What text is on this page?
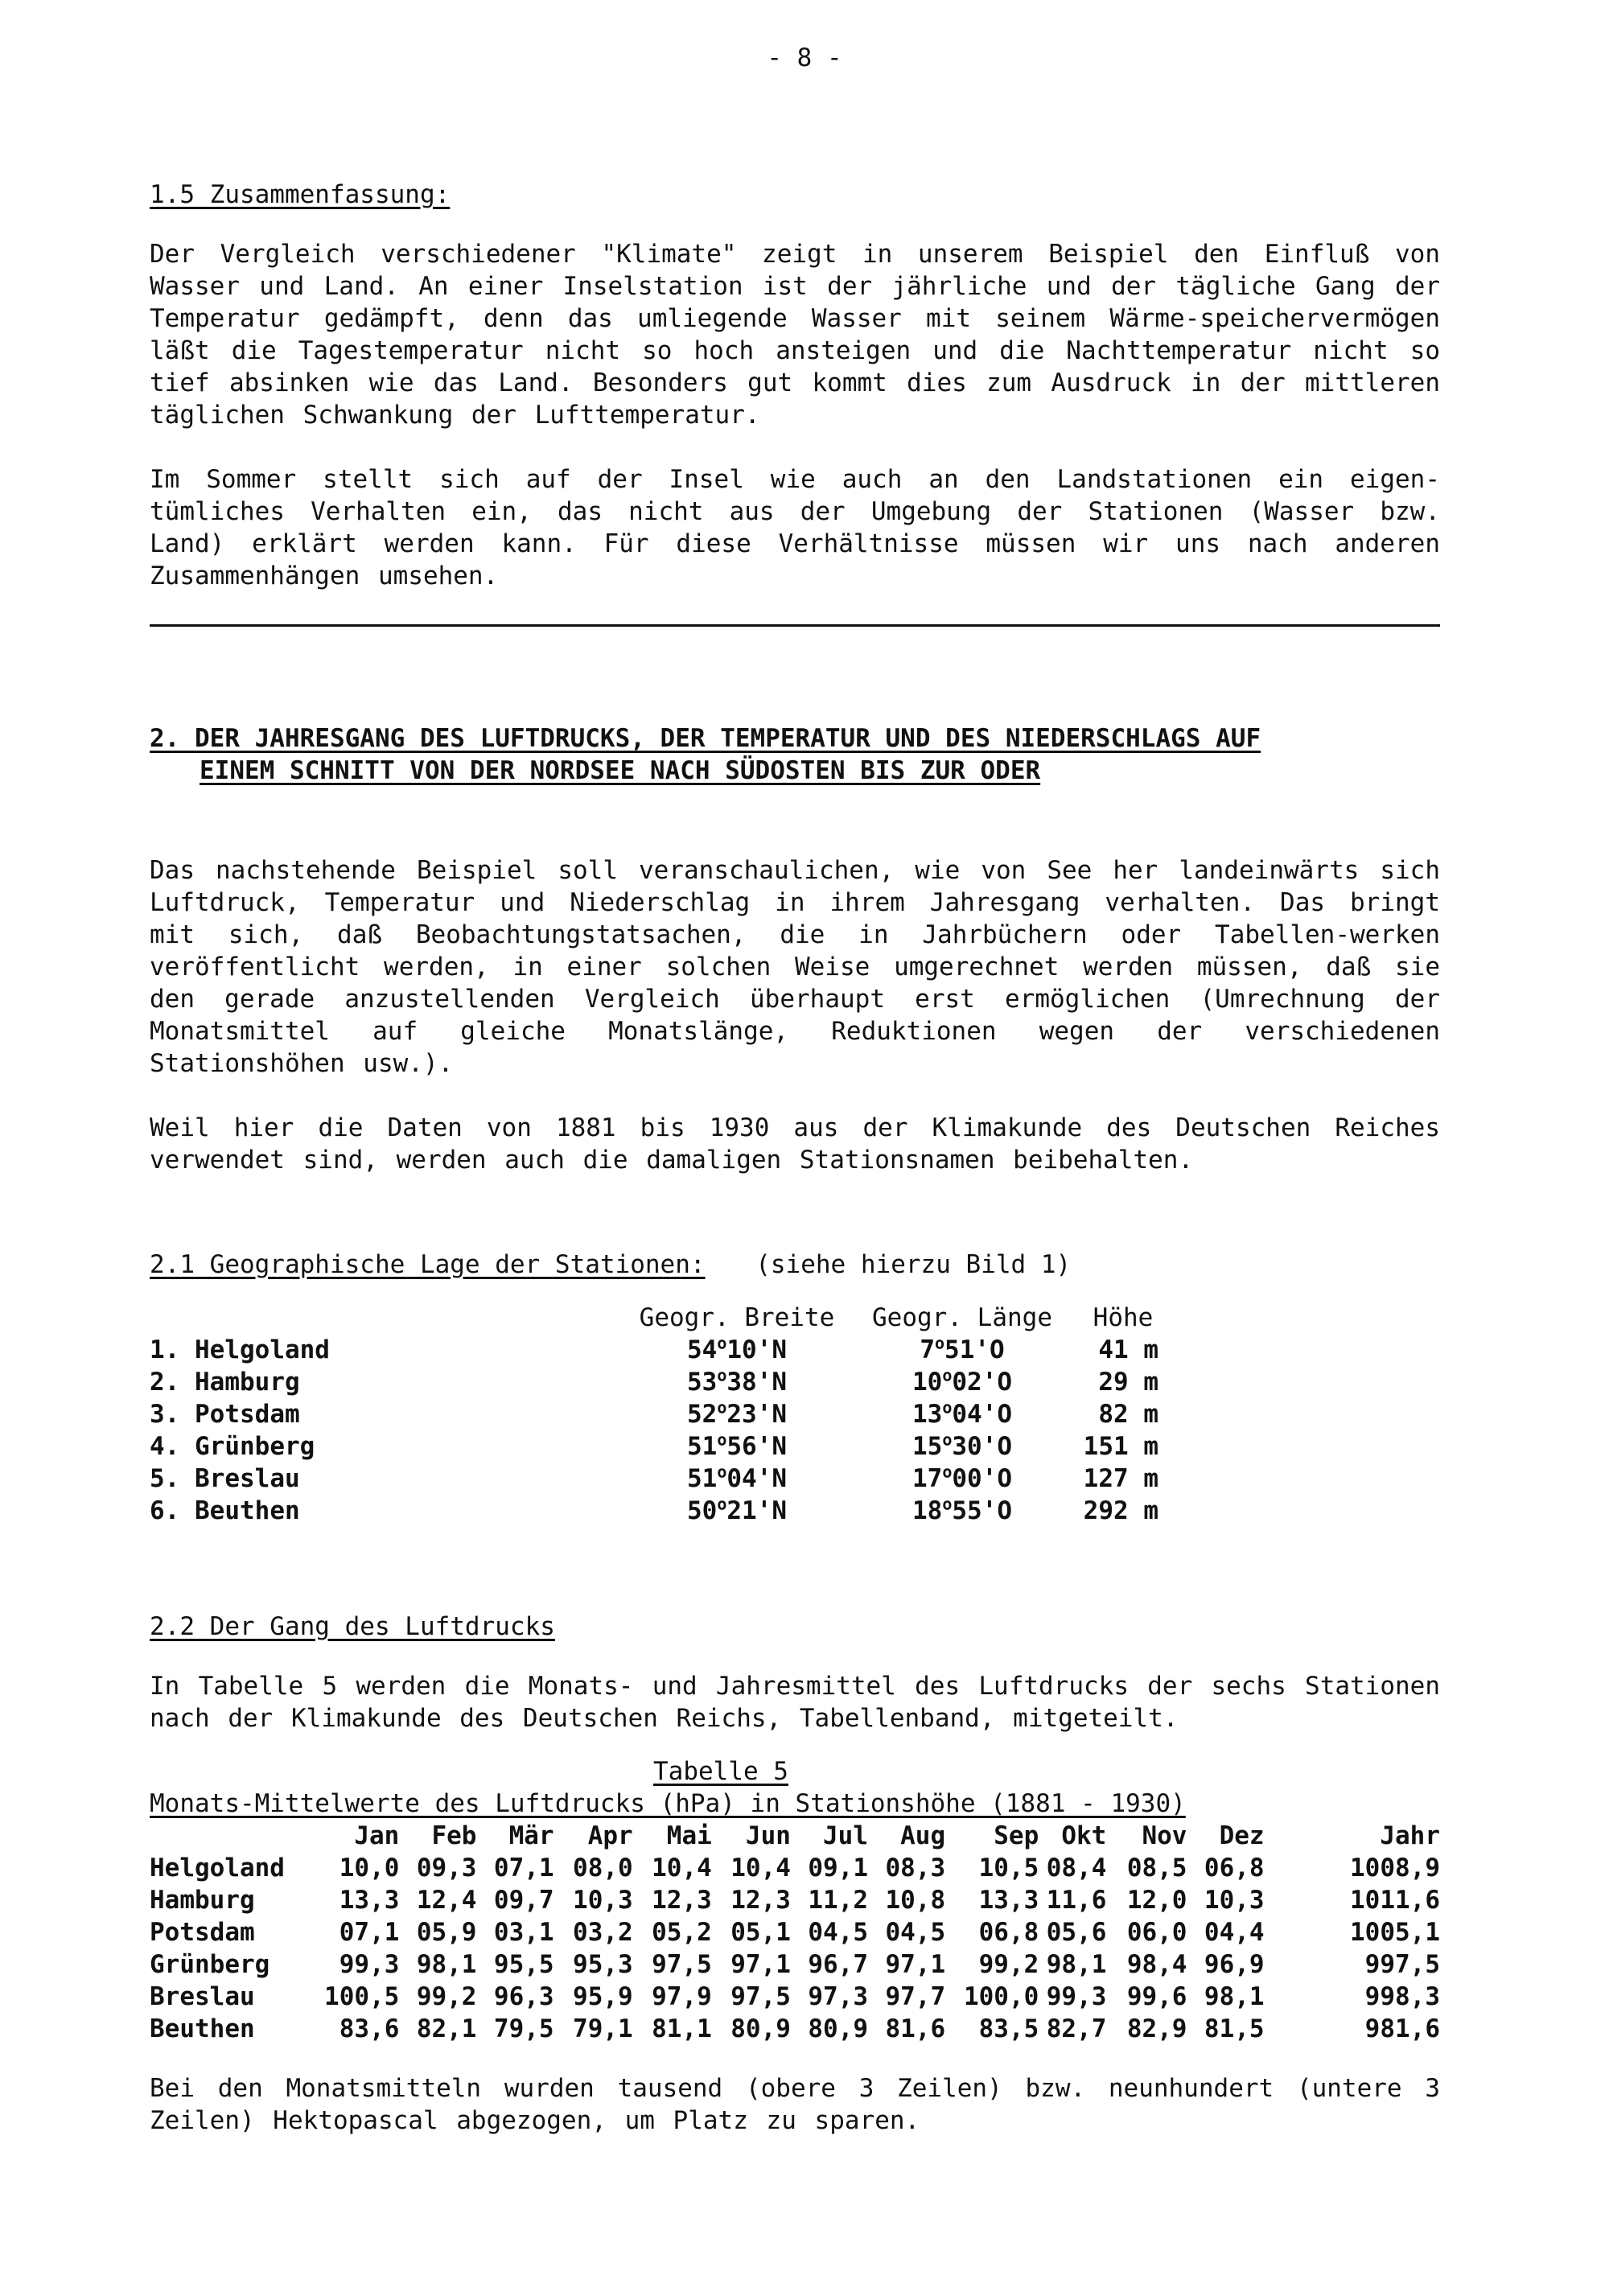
- 8 -

1.5 Zusammenfassung:

Der Vergleich verschiedener "Klimate" zeigt in unserem Beispiel den Einfluß von Wasser und Land. An einer Inselstation ist der jährliche und der tägliche Gang der Temperatur gedämpft, denn das umliegende Wasser mit seinem Wärme-speichervermögen läßt die Tagestemperatur nicht so hoch ansteigen und die Nachttemperatur nicht so tief absinken wie das Land. Besonders gut kommt dies zum Ausdruck in der mittleren täglichen Schwankung der Lufttemperatur.

Im Sommer stellt sich auf der Insel wie auch an den Landstationen ein eigen-tümliches Verhalten ein, das nicht aus der Umgebung der Stationen (Wasser bzw. Land) erklärt werden kann. Für diese Verhältnisse müssen wir uns nach anderen Zusammenhängen umsehen.

2. DER JAHRESGANG DES LUFTDRUCKS, DER TEMPERATUR UND DES NIEDERSCHLAGS AUF

EINEM SCHNITT VON DER NORDSEE NACH SÜDOSTEN BIS ZUR ODER

Das nachstehende Beispiel soll veranschaulichen, wie von See her landeinwärts sich Luftdruck, Temperatur und Niederschlag in ihrem Jahresgang verhalten. Das bringt mit sich, daß Beobachtungstatsachen, die in Jahrbüchern oder Tabellen-werken veröffentlicht werden, in einer solchen Weise umgerechnet werden müssen, daß sie den gerade anzustellenden Vergleich überhaupt erst ermöglichen (Umrechnung der Monatsmittel auf gleiche Monatslänge, Reduktionen wegen der verschiedenen Stationshöhen usw.).

Weil hier die Daten von 1881 bis 1930 aus der Klimakunde des Deutschen Reiches verwendet sind, werden auch die damaligen Stationsnamen beibehalten.

2.1 Geographische Lage der Stationen: (siehe hierzu Bild 1)
	Geogr. Breite	Geogr. Länge	Höhe
1. Helgoland	54$^o$10'N	7$^o$51'O	41 m
2. Hamburg	53$^o$38'N	10$^o$02'O	29 m
3. Potsdam	52$^o$23'N	13$^o$04'O	82 m
4. Grünberg	51$^o$56'N	15$^o$30'O	151 m
5. Breslau	51$^o$04'N	17$^o$00'O	127 m
6. Beuthen	50$^o$21'N	18$^o$55'O	292 m

2.2 Der Gang des Luftdrucks

In Tabelle 5 werden die Monats- und Jahresmittel des Luftdrucks der sechs Stationen nach der Klimakunde des Deutschen Reichs, Tabellenband, mitgeteilt.

Tabelle 5
Monats-Mittelwerte des Luftdrucks (hPa) in Stationshöhe (1881 - 1930)
	Jan	Feb	Mär	Apr	Mai	Jun	Jul	Aug	Sep	Okt	Nov	Dez	Jahr
Helgoland	10,0	09,3	07,1	08,0	10,4	10,4	09,1	08,3	10,5	08,4	08,5	06,8	1008,9
Hamburg	13,3	12,4	09,7	10,3	12,3	12,3	11,2	10,8	13,3	11,6	12,0	10,3	1011,6
Potsdam	07,1	05,9	03,1	03,2	05,2	05,1	04,5	04,5	06,8	05,6	06,0	04,4	1005,1
Grünberg	99,3	98,1	95,5	95,3	97,5	97,1	96,7	97,1	99,2	98,1	98,4	96,9	997,5
Breslau	100,5	99,2	96,3	95,9	97,9	97,5	97,3	97,7	100,0	99,3	99,6	98,1	998,3
Beuthen	83,6	82,1	79,5	79,1	81,1	80,9	80,9	81,6	83,5	82,7	82,9	81,5	981,6

Bei den Monatsmitteln wurden tausend (obere 3 Zeilen) bzw. neunhundert (untere 3 Zeilen) Hektopascal abgezogen, um Platz zu sparen.
